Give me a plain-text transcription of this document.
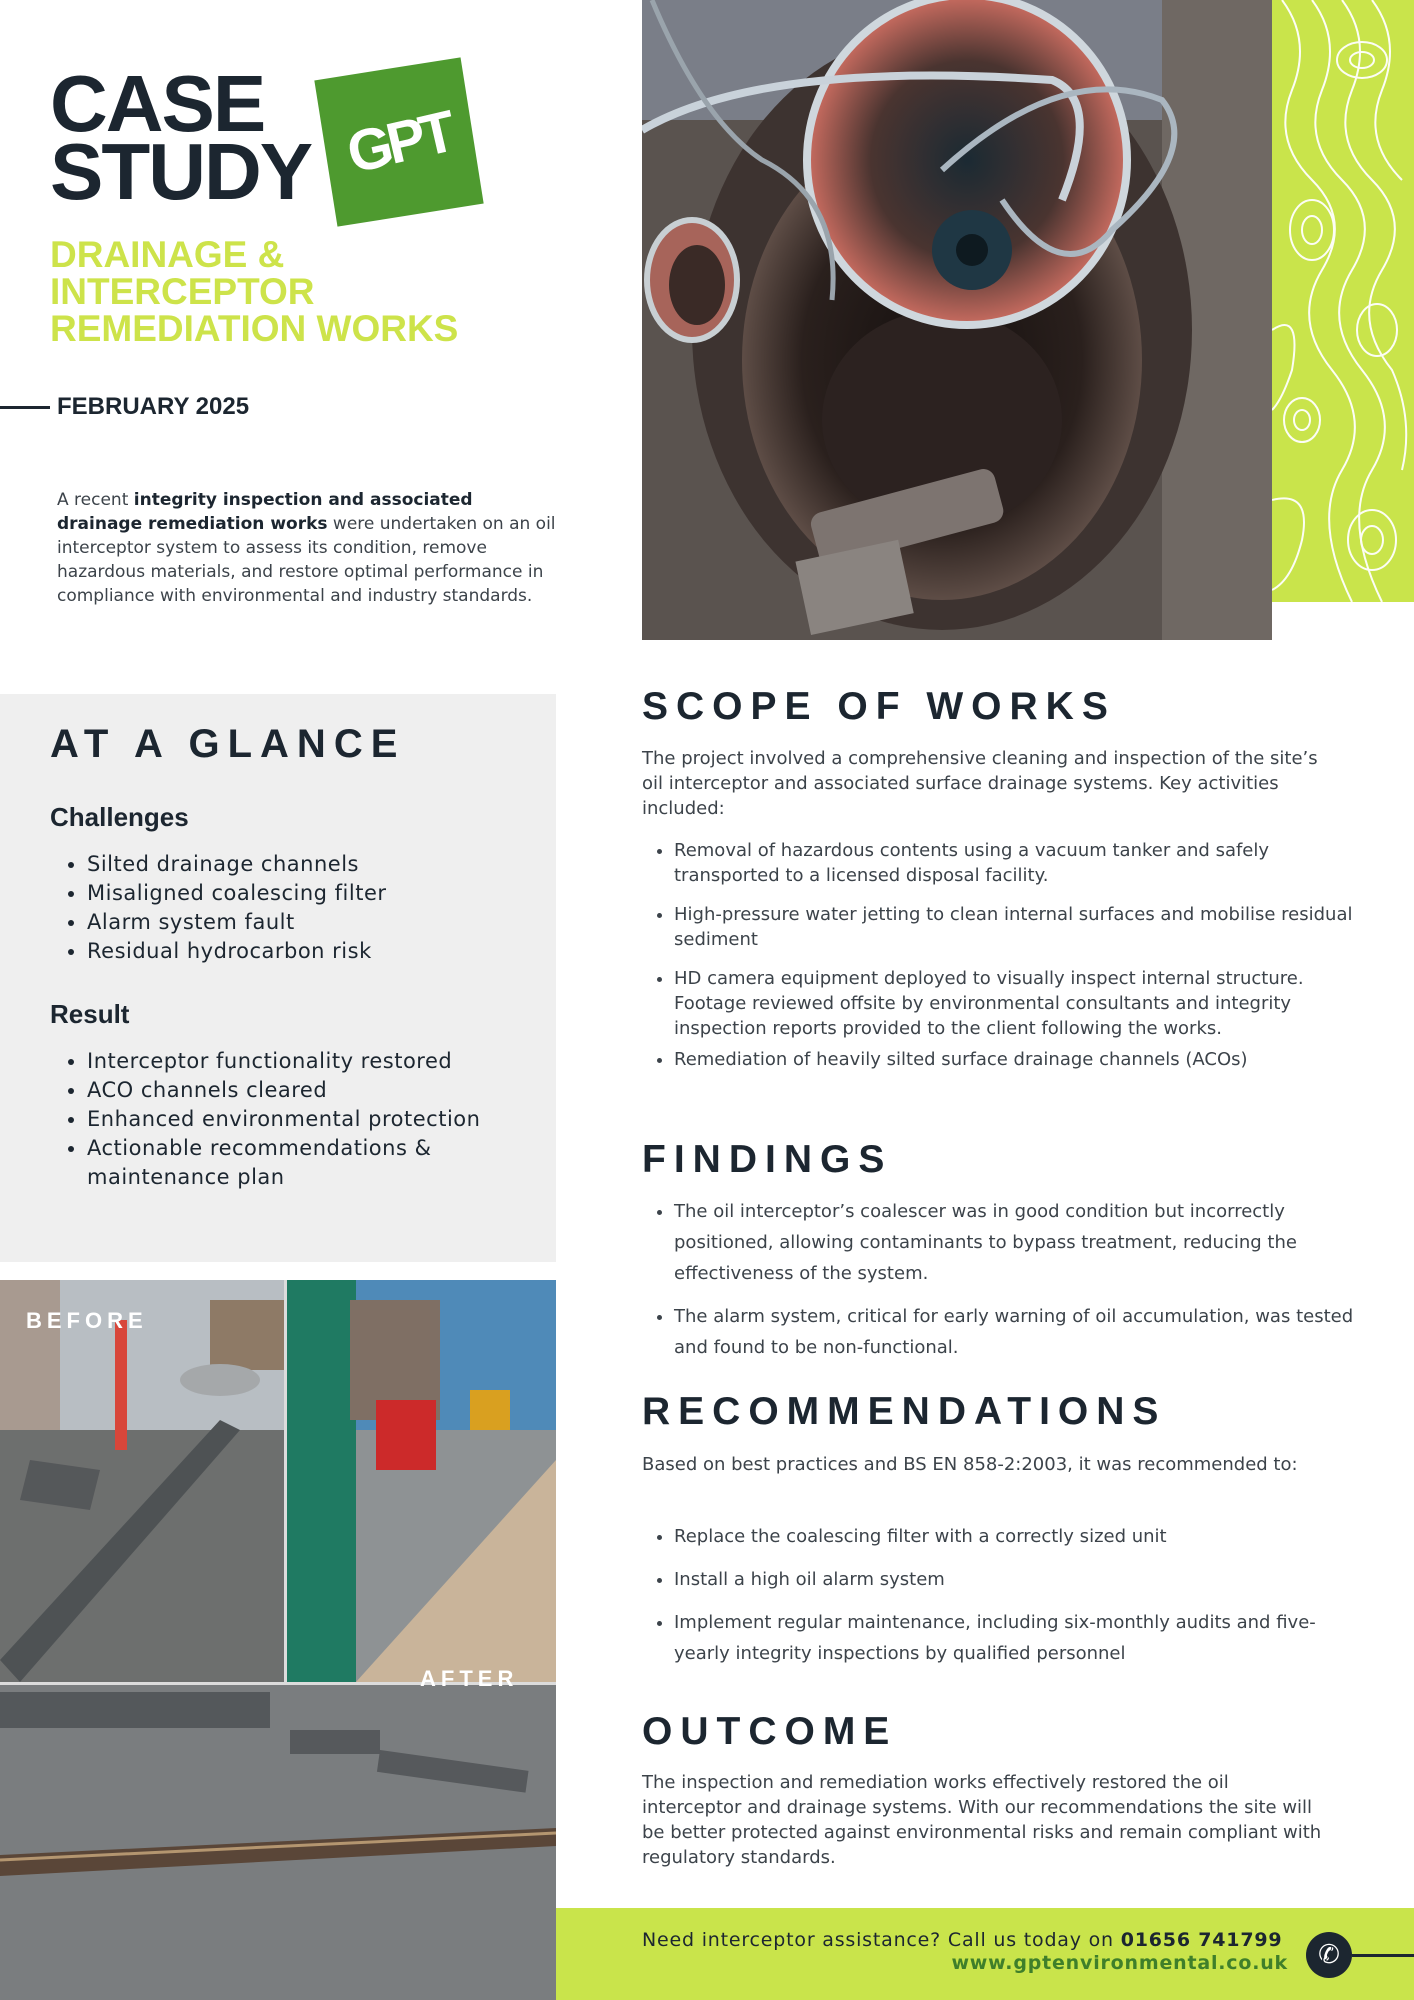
CASE
STUDY GPT
DRAINAGE &
INTERCEPTOR
REMEDIATION WORKS
FEBRUARY 2025

A recent integrity inspection and associated drainage remediation works were undertaken on an oil interceptor system to assess its condition, remove hazardous materials, and restore optimal performance in compliance with environmental and industry standards.

AT A GLANCE
Challenges
• Silted drainage channels
• Misaligned coalescing filter
• Alarm system fault
• Residual hydrocarbon risk
Result
• Interceptor functionality restored
• ACO channels cleared
• Enhanced environmental protection
• Actionable recommendations & maintenance plan
BEFORE
AFTER
SCOPE OF WORKS

The project involved a comprehensive cleaning and inspection of the site’s oil interceptor and associated surface drainage systems. Key activities included:

• Removal of hazardous contents using a vacuum tanker and safely transported to a licensed disposal facility.
• High-pressure water jetting to clean internal surfaces and mobilise residual sediment
• HD camera equipment deployed to visually inspect internal structure. Footage reviewed offsite by environmental consultants and integrity inspection reports provided to the client following the works.
• Remediation of heavily silted surface drainage channels (ACOs)
FINDINGS
• The oil interceptor’s coalescer was in good condition but incorrectly positioned, allowing contaminants to bypass treatment, reducing the effectiveness of the system.
• The alarm system, critical for early warning of oil accumulation, was tested and found to be non-functional.
RECOMMENDATIONS

Based on best practices and BS EN 858-2:2003, it was recommended to:

• Replace the coalescing filter with a correctly sized unit
• Install a high oil alarm system
• Implement regular maintenance, including six-monthly audits and five-yearly integrity inspections by qualified personnel
OUTCOME

The inspection and remediation works effectively restored the oil interceptor and drainage systems. With our recommendations the site will be better protected against environmental risks and remain compliant with regulatory standards.

Need interceptor assistance? Call us today on 01656 741799
www.gptenvironmental.co.uk	✆
